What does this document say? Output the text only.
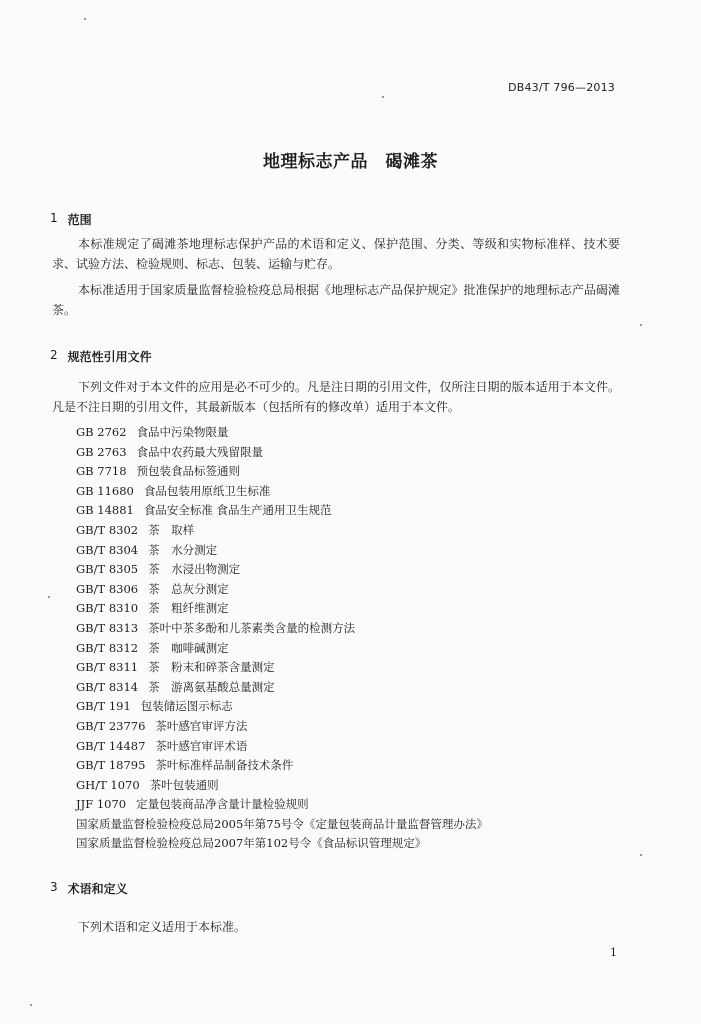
DB43/T 796—2013
地理标志产品　碣滩茶
1 范围

本标准规定了碣滩茶地理标志保护产品的术语和定义、保护范围、分类、等级和实物标准样、技术要求、试验方法、检验规则、标志、包装、运输与贮存。

本标准适用于国家质量监督检验检疫总局根据《地理标志产品保护规定》批准保护的地理标志产品碣滩茶。

2 规范性引用文件

下列文件对于本文件的应用是必不可少的。凡是注日期的引用文件，仅所注日期的版本适用于本文件。凡是不注日期的引用文件，其最新版本（包括所有的修改单）适用于本文件。

GB 2762 食品中污染物限量
GB 2763 食品中农药最大残留限量
GB 7718 预包装食品标签通则
GB 11680 食品包装用原纸卫生标准
GB 14881 食品安全标准 食品生产通用卫生规范
GB/T 8302 茶　取样
GB/T 8304 茶　水分测定
GB/T 8305 茶　水浸出物测定
GB/T 8306 茶　总灰分测定
GB/T 8310 茶　粗纤维测定
GB/T 8313 茶叶中茶多酚和儿茶素类含量的检测方法
GB/T 8312 茶　咖啡碱测定
GB/T 8311 茶　粉末和碎茶含量测定
GB/T 8314 茶　游离氨基酸总量测定
GB/T 191 包装储运图示标志
GB/T 23776 茶叶感官审评方法
GB/T 14487 茶叶感官审评术语
GB/T 18795 茶叶标准样品制备技术条件
GH/T 1070 茶叶包装通则
JJF 1070 定量包装商品净含量计量检验规则
国家质量监督检验检疫总局2005年第75号令《定量包装商品计量监督管理办法》
国家质量监督检验检疫总局2007年第102号令《食品标识管理规定》
3 术语和定义

下列术语和定义适用于本标准。

1
